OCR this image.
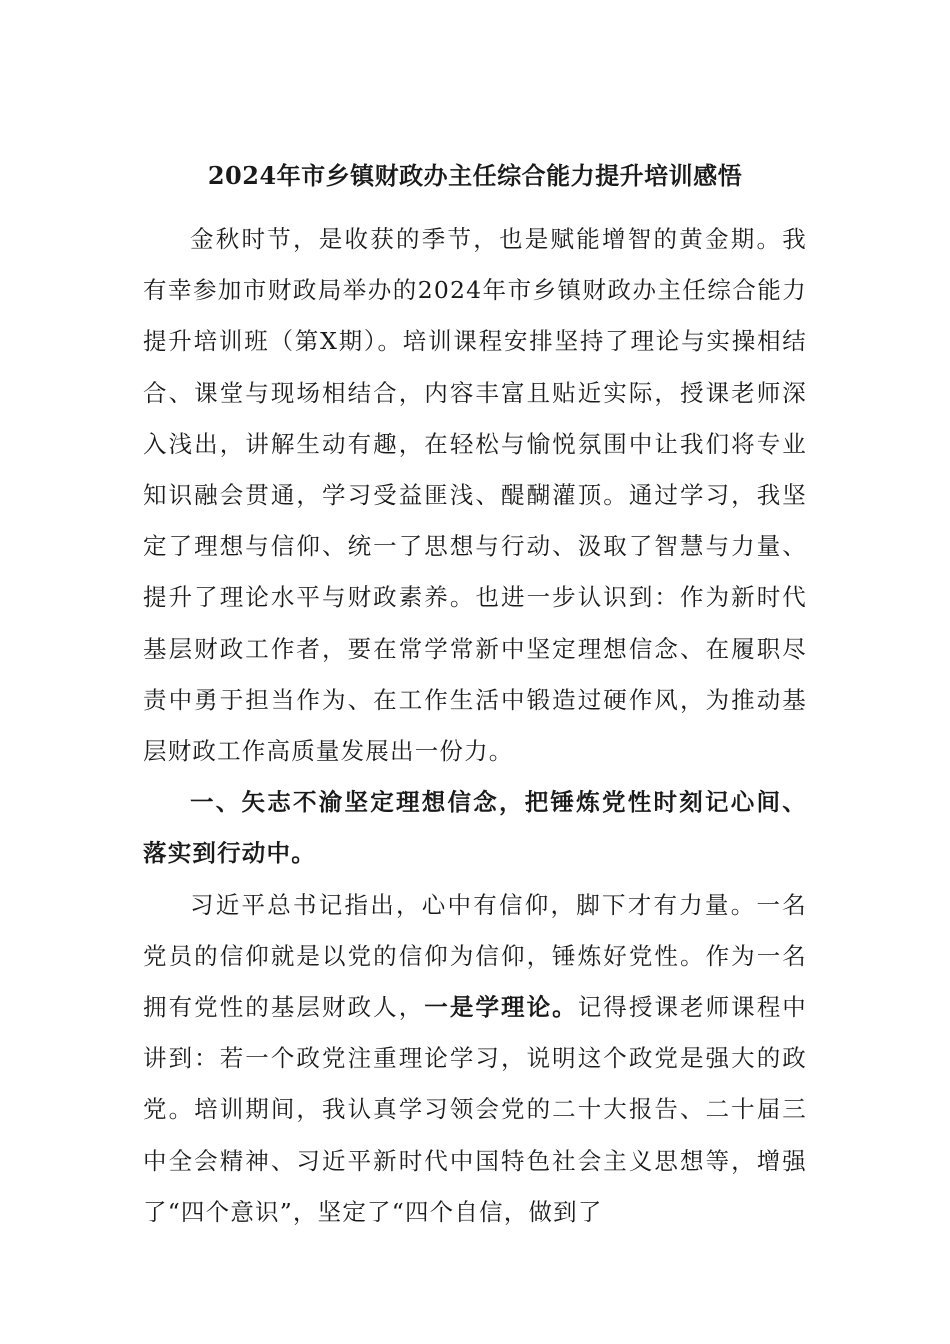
2024年市乡镇财政办主任综合能力提升培训感悟

金秋时节，是收获的季节，也是赋能增智的黄金期。我有幸参加市财政局举办的2024年市乡镇财政办主任综合能力提升培训班（第X期）。培训课程安排坚持了理论与实操相结合、课堂与现场相结合，内容丰富且贴近实际，授课老师深入浅出，讲解生动有趣，在轻松与愉悦氛围中让我们将专业知识融会贯通，学习受益匪浅、醍醐灌顶。通过学习，我坚定了理想与信仰、统一了思想与行动、汲取了智慧与力量、提升了理论水平与财政素养。也进一步认识到：作为新时代基层财政工作者，要在常学常新中坚定理想信念、在履职尽责中勇于担当作为、在工作生活中锻造过硬作风，为推动基层财政工作高质量发展出一份力。

一、矢志不渝坚定理想信念，把锤炼党性时刻记心间、落实到行动中。

习近平总书记指出，心中有信仰，脚下才有力量。一名党员的信仰就是以党的信仰为信仰，锤炼好党性。作为一名拥有党性的基层财政人，一是学理论。记得授课老师课程中讲到：若一个政党注重理论学习，说明这个政党是强大的政党。培训期间，我认真学习领会党的二十大报告、二十届三中全会精神、习近平新时代中国特色社会主义思想等，增强了“四个意识”，坚定了“四个自信，做到了
